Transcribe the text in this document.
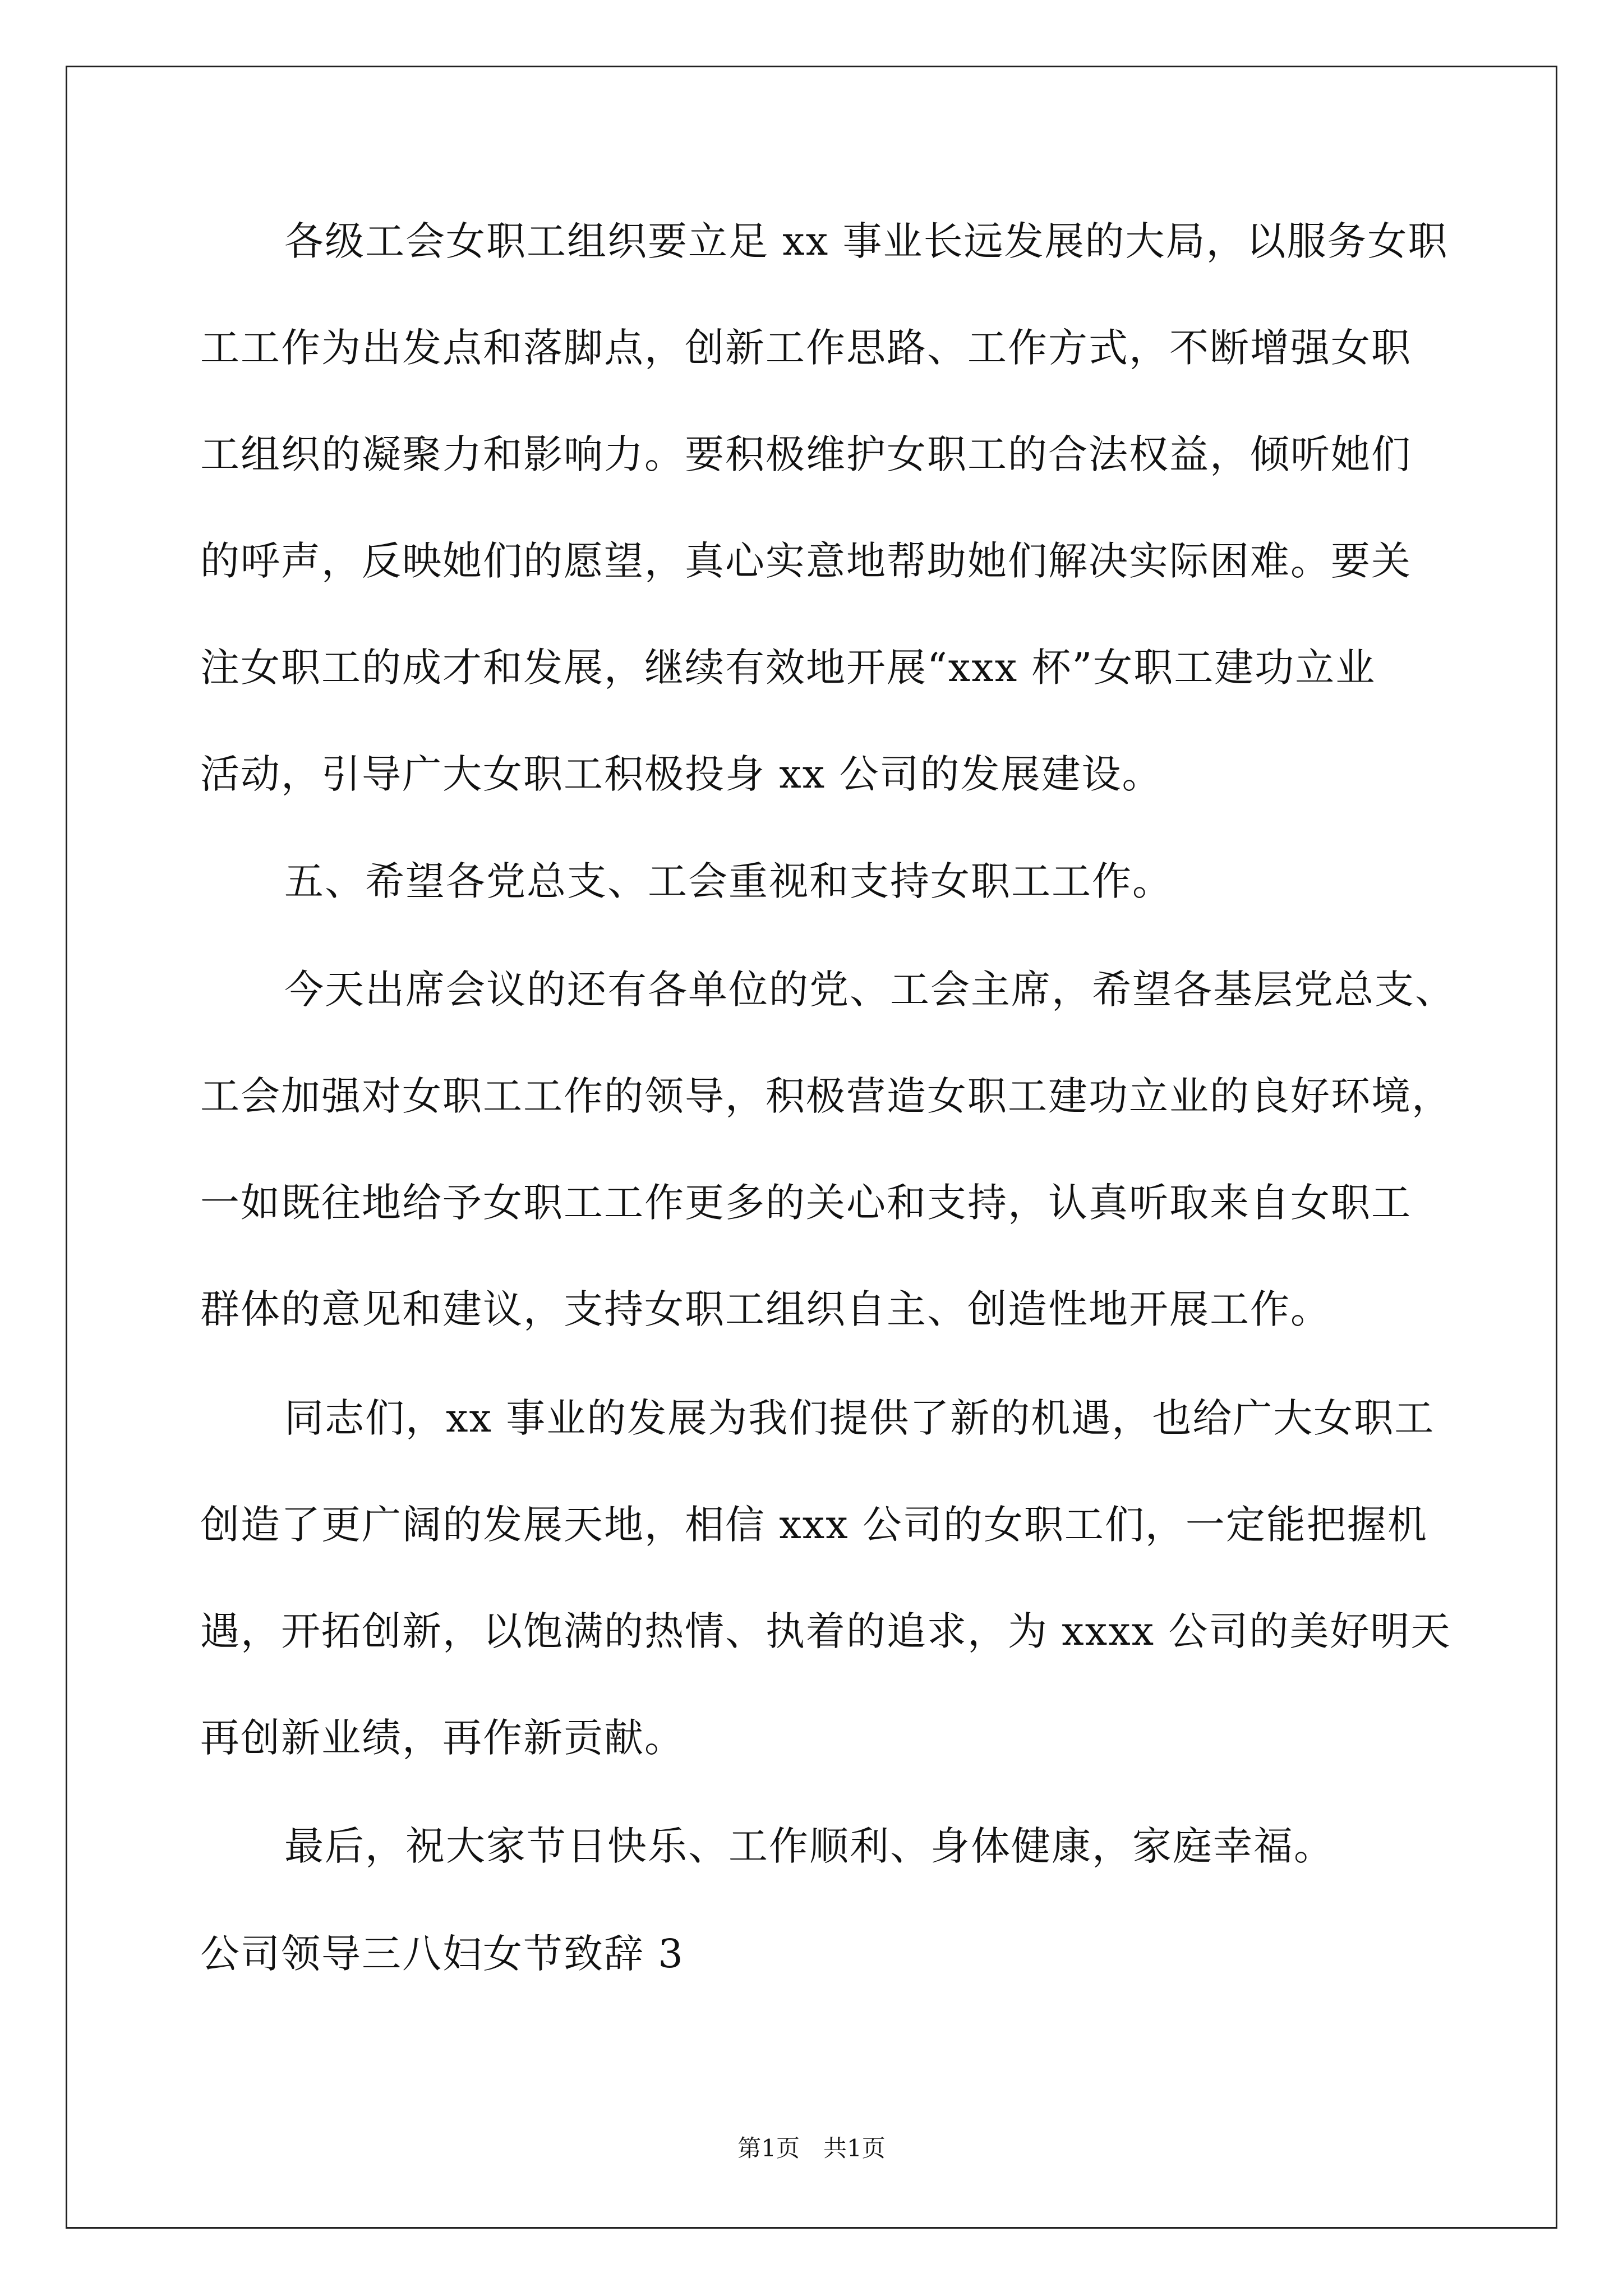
各级工会女职工组织要立足 xx 事业长远发展的大局，以服务女职
工工作为出发点和落脚点，创新工作思路、工作方式，不断增强女职
工组织的凝聚力和影响力。要积极维护女职工的合法权益，倾听她们
的呼声，反映她们的愿望，真心实意地帮助她们解决实际困难。要关
注女职工的成才和发展，继续有效地开展“xxx 杯”女职工建功立业
活动，引导广大女职工积极投身 xx 公司的发展建设。
五、希望各党总支、工会重视和支持女职工工作。
今天出席会议的还有各单位的党、工会主席，希望各基层党总支、
工会加强对女职工工作的领导，积极营造女职工建功立业的良好环境，
一如既往地给予女职工工作更多的关心和支持，认真听取来自女职工
群体的意见和建议，支持女职工组织自主、创造性地开展工作。
同志们，xx 事业的发展为我们提供了新的机遇，也给广大女职工
创造了更广阔的发展天地，相信 xxx 公司的女职工们，一定能把握机
遇，开拓创新，以饱满的热情、执着的追求，为 xxxx 公司的美好明天
再创新业绩，再作新贡献。
最后，祝大家节日快乐、工作顺利、身体健康，家庭幸福。
公司领导三八妇女节致辞 3
第1页　共1页
